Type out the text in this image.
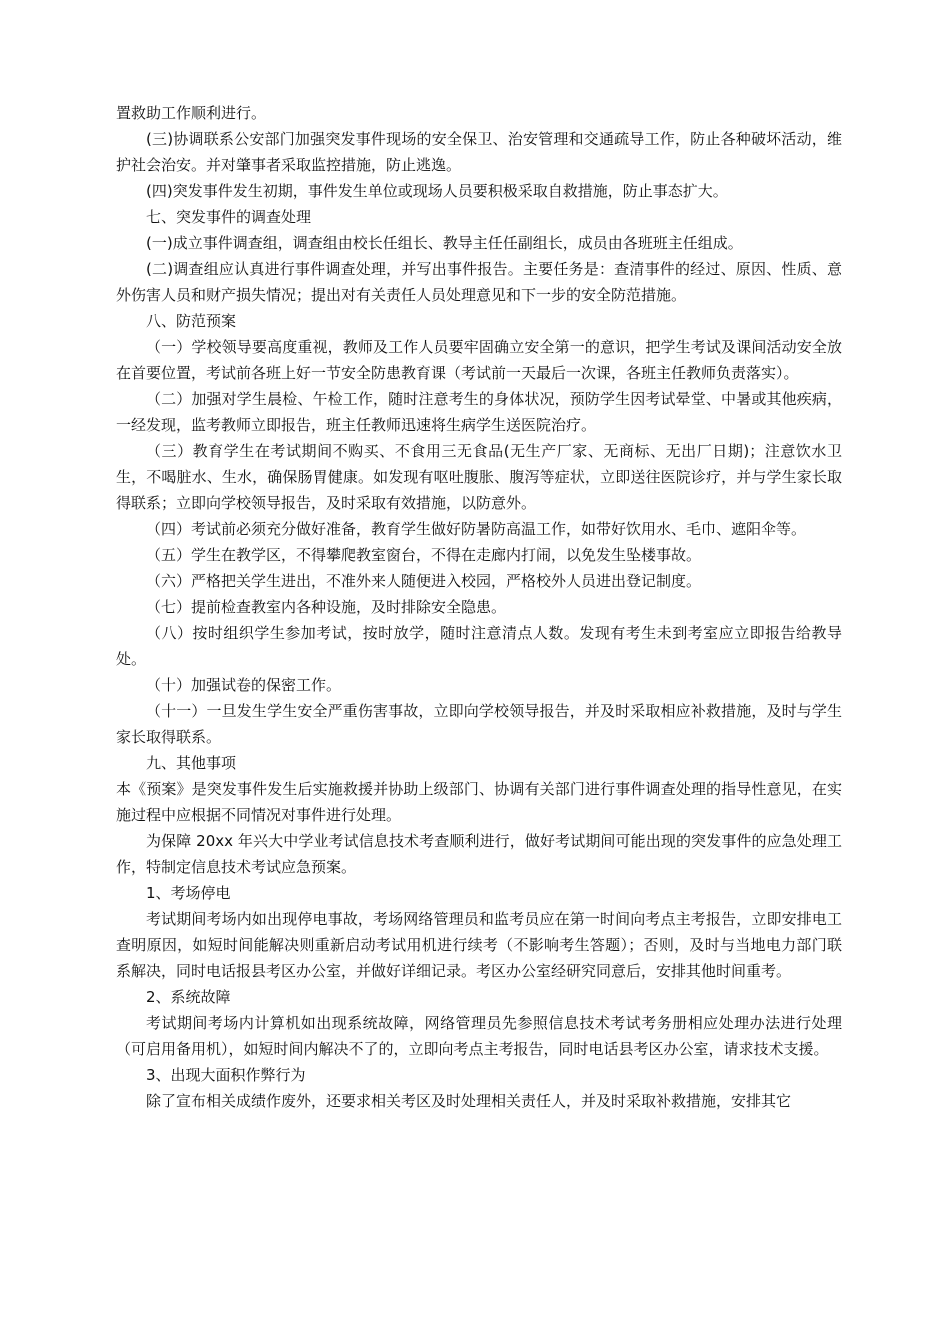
置救助工作顺利进行。

(三)协调联系公安部门加强突发事件现场的安全保卫、治安管理和交通疏导工作，防止各种破坏活动，维护社会治安。并对肇事者采取监控措施，防止逃逸。

(四)突发事件发生初期，事件发生单位或现场人员要积极采取自救措施，防止事态扩大。

七、突发事件的调查处理

(一)成立事件调查组，调查组由校长任组长、教导主任任副组长，成员由各班班主任组成。

(二)调查组应认真进行事件调查处理，并写出事件报告。主要任务是：查清事件的经过、原因、性质、意外伤害人员和财产损失情况；提出对有关责任人员处理意见和下一步的安全防范措施。

八、防范预案

（一）学校领导要高度重视，教师及工作人员要牢固确立安全第一的意识，把学生考试及课间活动安全放在首要位置，考试前各班上好一节安全防患教育课（考试前一天最后一次课，各班主任教师负责落实）。

（二）加强对学生晨检、午检工作，随时注意考生的身体状况，预防学生因考试晕堂、中暑或其他疾病，一经发现，监考教师立即报告，班主任教师迅速将生病学生送医院治疗。

（三）教育学生在考试期间不购买、不食用三无食品(无生产厂家、无商标、无出厂日期)；注意饮水卫生，不喝脏水、生水，确保肠胃健康。如发现有呕吐腹胀、腹泻等症状，立即送往医院诊疗，并与学生家长取得联系；立即向学校领导报告，及时采取有效措施，以防意外。

（四）考试前必须充分做好准备，教育学生做好防暑防高温工作，如带好饮用水、毛巾、遮阳伞等。

（五）学生在教学区，不得攀爬教室窗台，不得在走廊内打闹，以免发生坠楼事故。

（六）严格把关学生进出，不准外来人随便进入校园，严格校外人员进出登记制度。

（七）提前检查教室内各种设施，及时排除安全隐患。

（八）按时组织学生参加考试，按时放学，随时注意清点人数。发现有考生未到考室应立即报告给教导处。

（十）加强试卷的保密工作。

（十一）一旦发生学生安全严重伤害事故，立即向学校领导报告，并及时采取相应补救措施，及时与学生家长取得联系。

九、其他事项

本《预案》是突发事件发生后实施救援并协助上级部门、协调有关部门进行事件调查处理的指导性意见，在实施过程中应根据不同情况对事件进行处理。

为保障 20xx 年兴大中学业考试信息技术考查顺利进行，做好考试期间可能出现的突发事件的应急处理工作，特制定信息技术考试应急预案。

1、考场停电

考试期间考场内如出现停电事故，考场网络管理员和监考员应在第一时间向考点主考报告，立即安排电工查明原因，如短时间能解决则重新启动考试用机进行续考（不影响考生答题）；否则，及时与当地电力部门联系解决，同时电话报县考区办公室，并做好详细记录。考区办公室经研究同意后，安排其他时间重考。

2、系统故障

考试期间考场内计算机如出现系统故障，网络管理员先参照信息技术考试考务册相应处理办法进行处理（可启用备用机），如短时间内解决不了的，立即向考点主考报告，同时电话县考区办公室，请求技术支援。

3、出现大面积作弊行为

除了宣布相关成绩作废外，还要求相关考区及时处理相关责任人，并及时采取补救措施，安排其它
